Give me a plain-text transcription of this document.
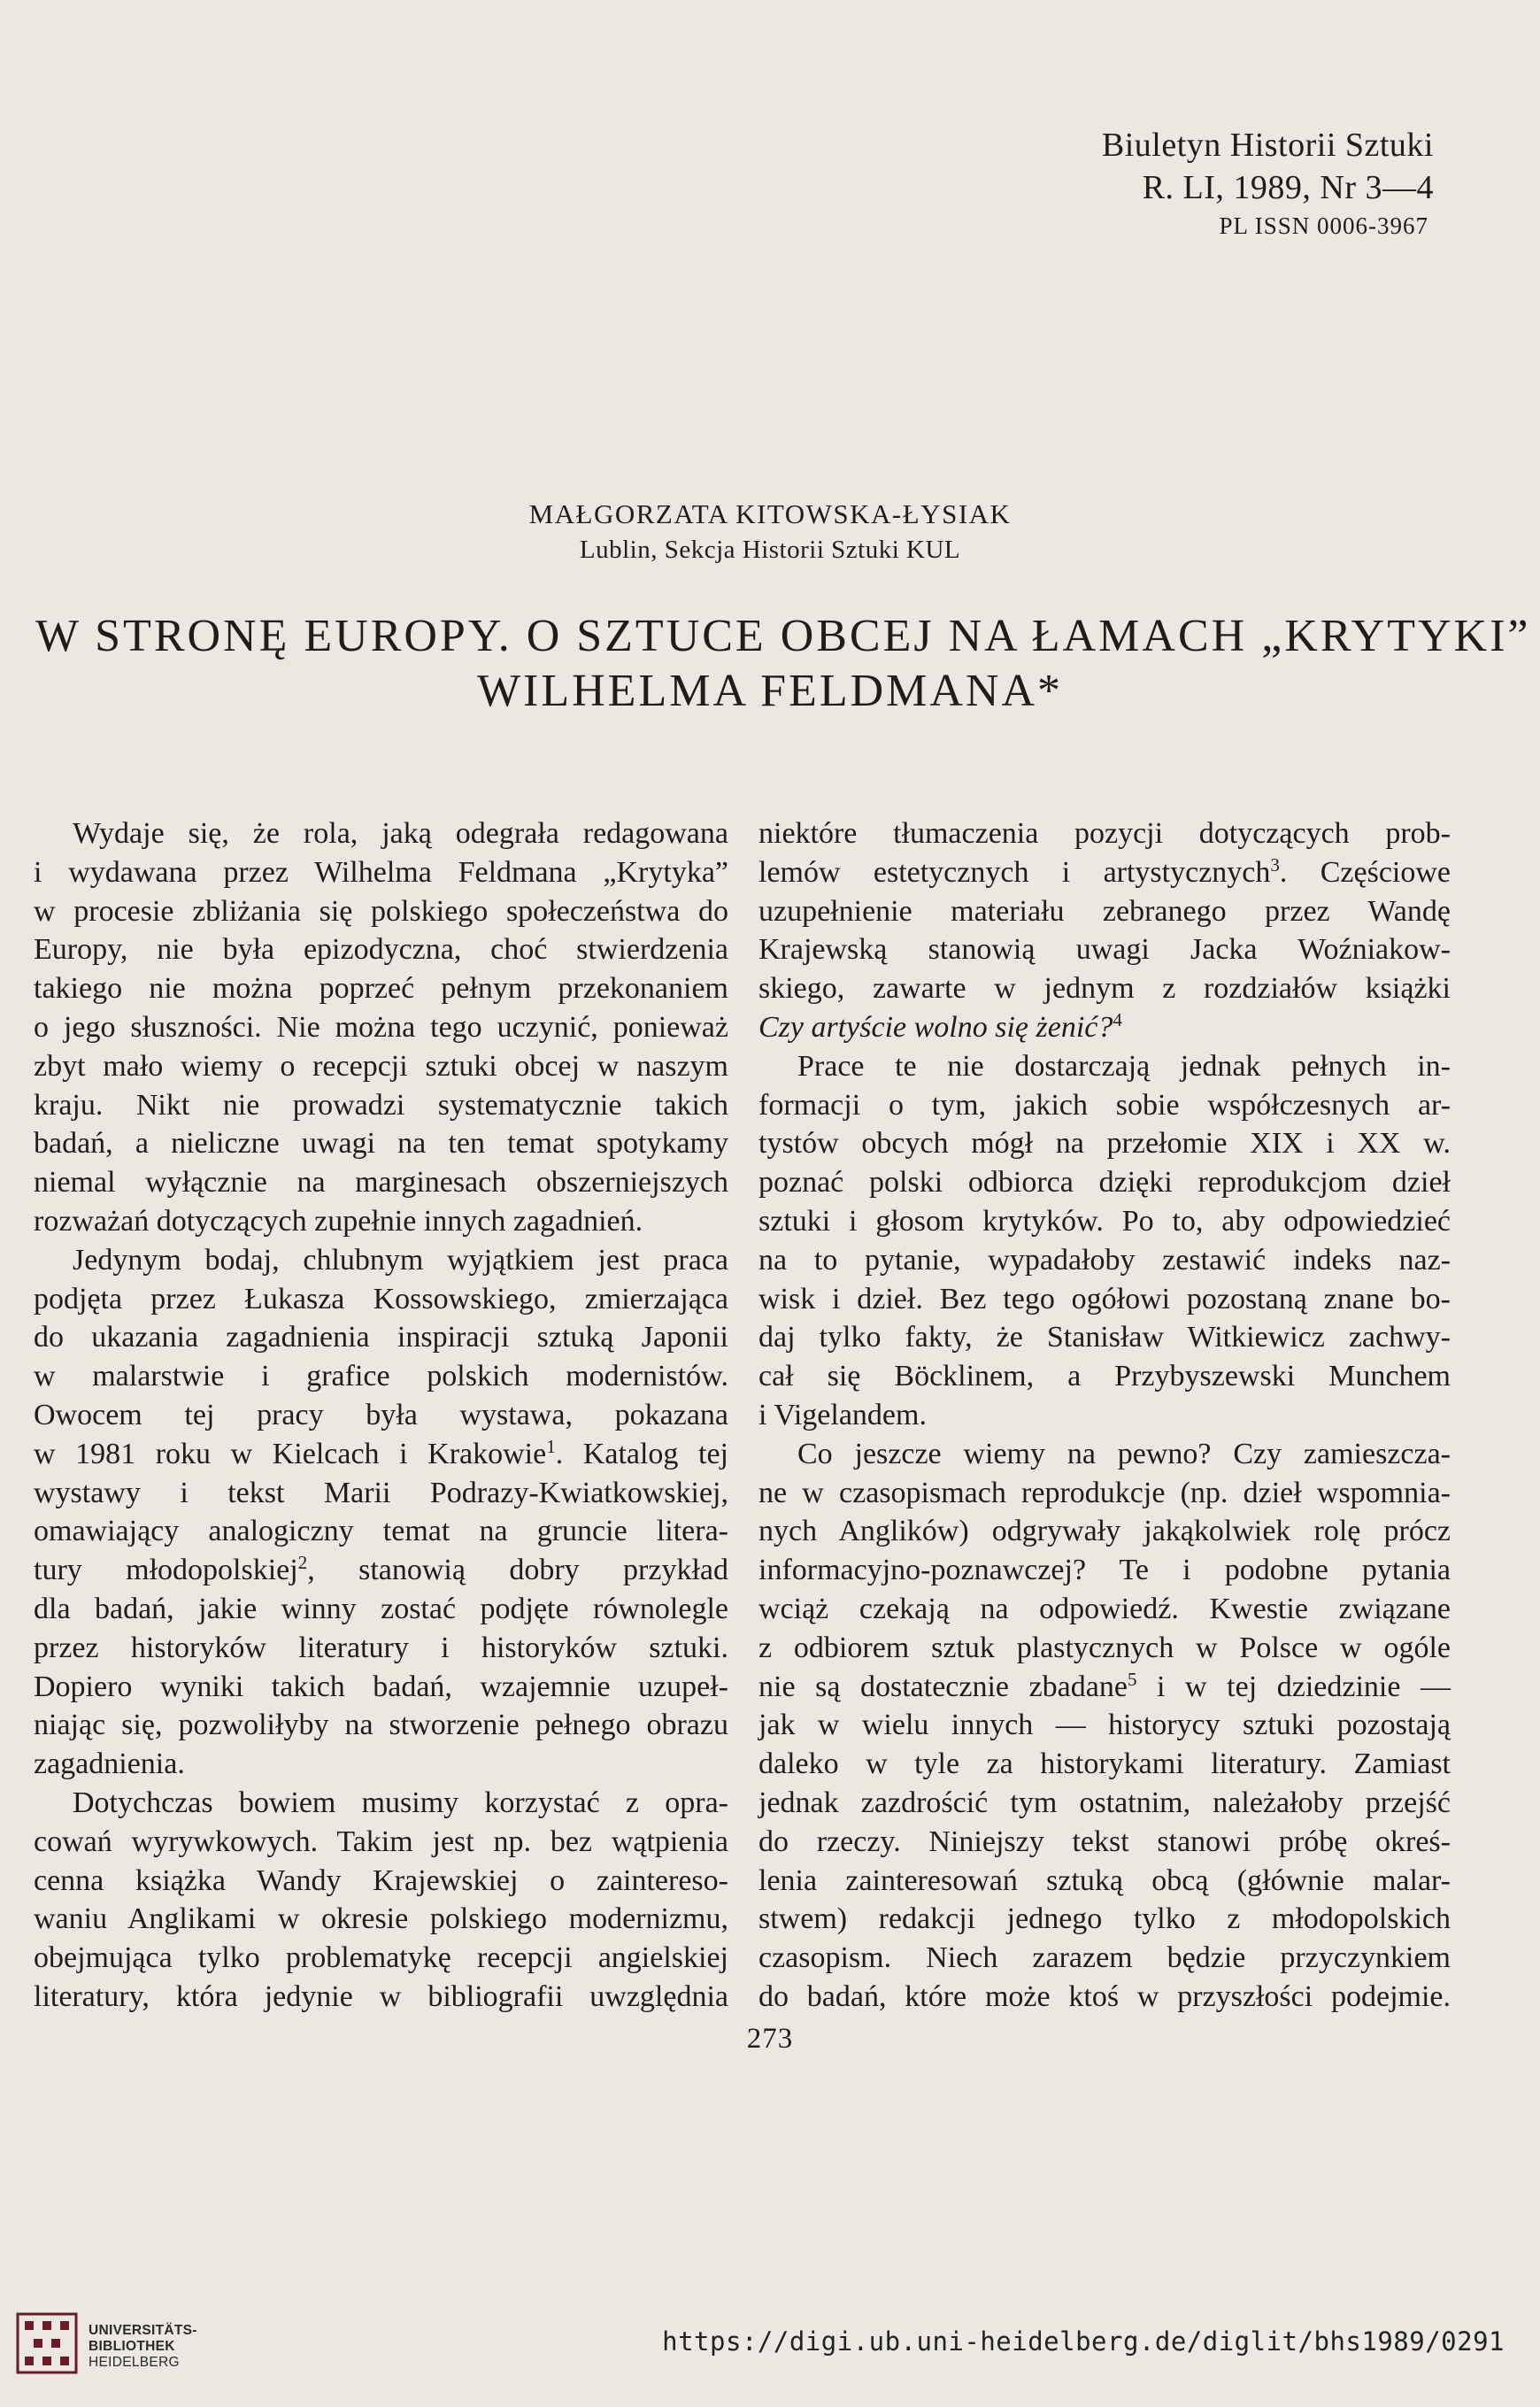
Biuletyn Historii Sztuki
R. LI, 1989, Nr 3—4
PL ISSN 0006-3967
MAŁGORZATA KITOWSKA-ŁYSIAK
Lublin, Sekcja Historii Sztuki KUL
W STRONĘ EUROPY. O SZTUCE OBCEJ NA ŁAMACH „KRYTYKI”
WILHELMA FELDMANA*
Wydaje się, że rola, jaką odegrała redagowana
i wydawana przez Wilhelma Feldmana „Krytyka”
w procesie zbliżania się polskiego społeczeństwa do
Europy, nie była epizodyczna, choć stwierdzenia
takiego nie można poprzeć pełnym przekonaniem
o jego słuszności. Nie można tego uczynić, ponieważ
zbyt mało wiemy o recepcji sztuki obcej w naszym
kraju. Nikt nie prowadzi systematycznie takich
badań, a nieliczne uwagi na ten temat spotykamy
niemal wyłącznie na marginesach obszerniejszych
rozważań dotyczących zupełnie innych zagadnień.
Jedynym bodaj, chlubnym wyjątkiem jest praca
podjęta przez Łukasza Kossowskiego, zmierzająca
do ukazania zagadnienia inspiracji sztuką Japonii
w malarstwie i grafice polskich modernistów.
Owocem tej pracy była wystawa, pokazana
w 1981 roku w Kielcach i Krakowie$^1$. Katalog tej
wystawy i tekst Marii Podrazy-Kwiatkowskiej,
omawiający analogiczny temat na gruncie litera-
tury młodopolskiej$^2$, stanowią dobry przykład
dla badań, jakie winny zostać podjęte równolegle
przez historyków literatury i historyków sztuki.
Dopiero wyniki takich badań, wzajemnie uzupeł-
niając się, pozwoliłyby na stworzenie pełnego obrazu
zagadnienia.
Dotychczas bowiem musimy korzystać z opra-
cowań wyrywkowych. Takim jest np. bez wątpienia
cenna książka Wandy Krajewskiej o zaintereso-
waniu Anglikami w okresie polskiego modernizmu,
obejmująca tylko problematykę recepcji angielskiej
literatury, która jedynie w bibliografii uwzględnia
niektóre tłumaczenia pozycji dotyczących prob-
lemów estetycznych i artystycznych$^3$. Częściowe
uzupełnienie materiału zebranego przez Wandę
Krajewską stanowią uwagi Jacka Woźniakow-
skiego, zawarte w jednym z rozdziałów książki
Czy artyście wolno się żenić?$^4$
Prace te nie dostarczają jednak pełnych in-
formacji o tym, jakich sobie współczesnych ar-
tystów obcych mógł na przełomie XIX i XX w.
poznać polski odbiorca dzięki reprodukcjom dzieł
sztuki i głosom krytyków. Po to, aby odpowiedzieć
na to pytanie, wypadałoby zestawić indeks naz-
wisk i dzieł. Bez tego ogółowi pozostaną znane bo-
daj tylko fakty, że Stanisław Witkiewicz zachwy-
cał się Böcklinem, a Przybyszewski Munchem
i Vigelandem.
Co jeszcze wiemy na pewno? Czy zamieszcza-
ne w czasopismach reprodukcje (np. dzieł wspomnia-
nych Anglików) odgrywały jakąkolwiek rolę prócz
informacyjno-poznawczej? Te i podobne pytania
wciąż czekają na odpowiedź. Kwestie związane
z odbiorem sztuk plastycznych w Polsce w ogóle
nie są dostatecznie zbadane$^5$ i w tej dziedzinie —
jak w wielu innych — historycy sztuki pozostają
daleko w tyle za historykami literatury. Zamiast
jednak zazdrościć tym ostatnim, należałoby przejść
do rzeczy. Niniejszy tekst stanowi próbę okreś-
lenia zainteresowań sztuką obcą (głównie malar-
stwem) redakcji jednego tylko z młodopolskich
czasopism. Niech zarazem będzie przyczynkiem
do badań, które może ktoś w przyszłości podejmie.
273
UNIVERSITÄTS-
BIBLIOTHEK
HEIDELBERG
https://digi.ub.uni-heidelberg.de/diglit/bhs1989/0291
